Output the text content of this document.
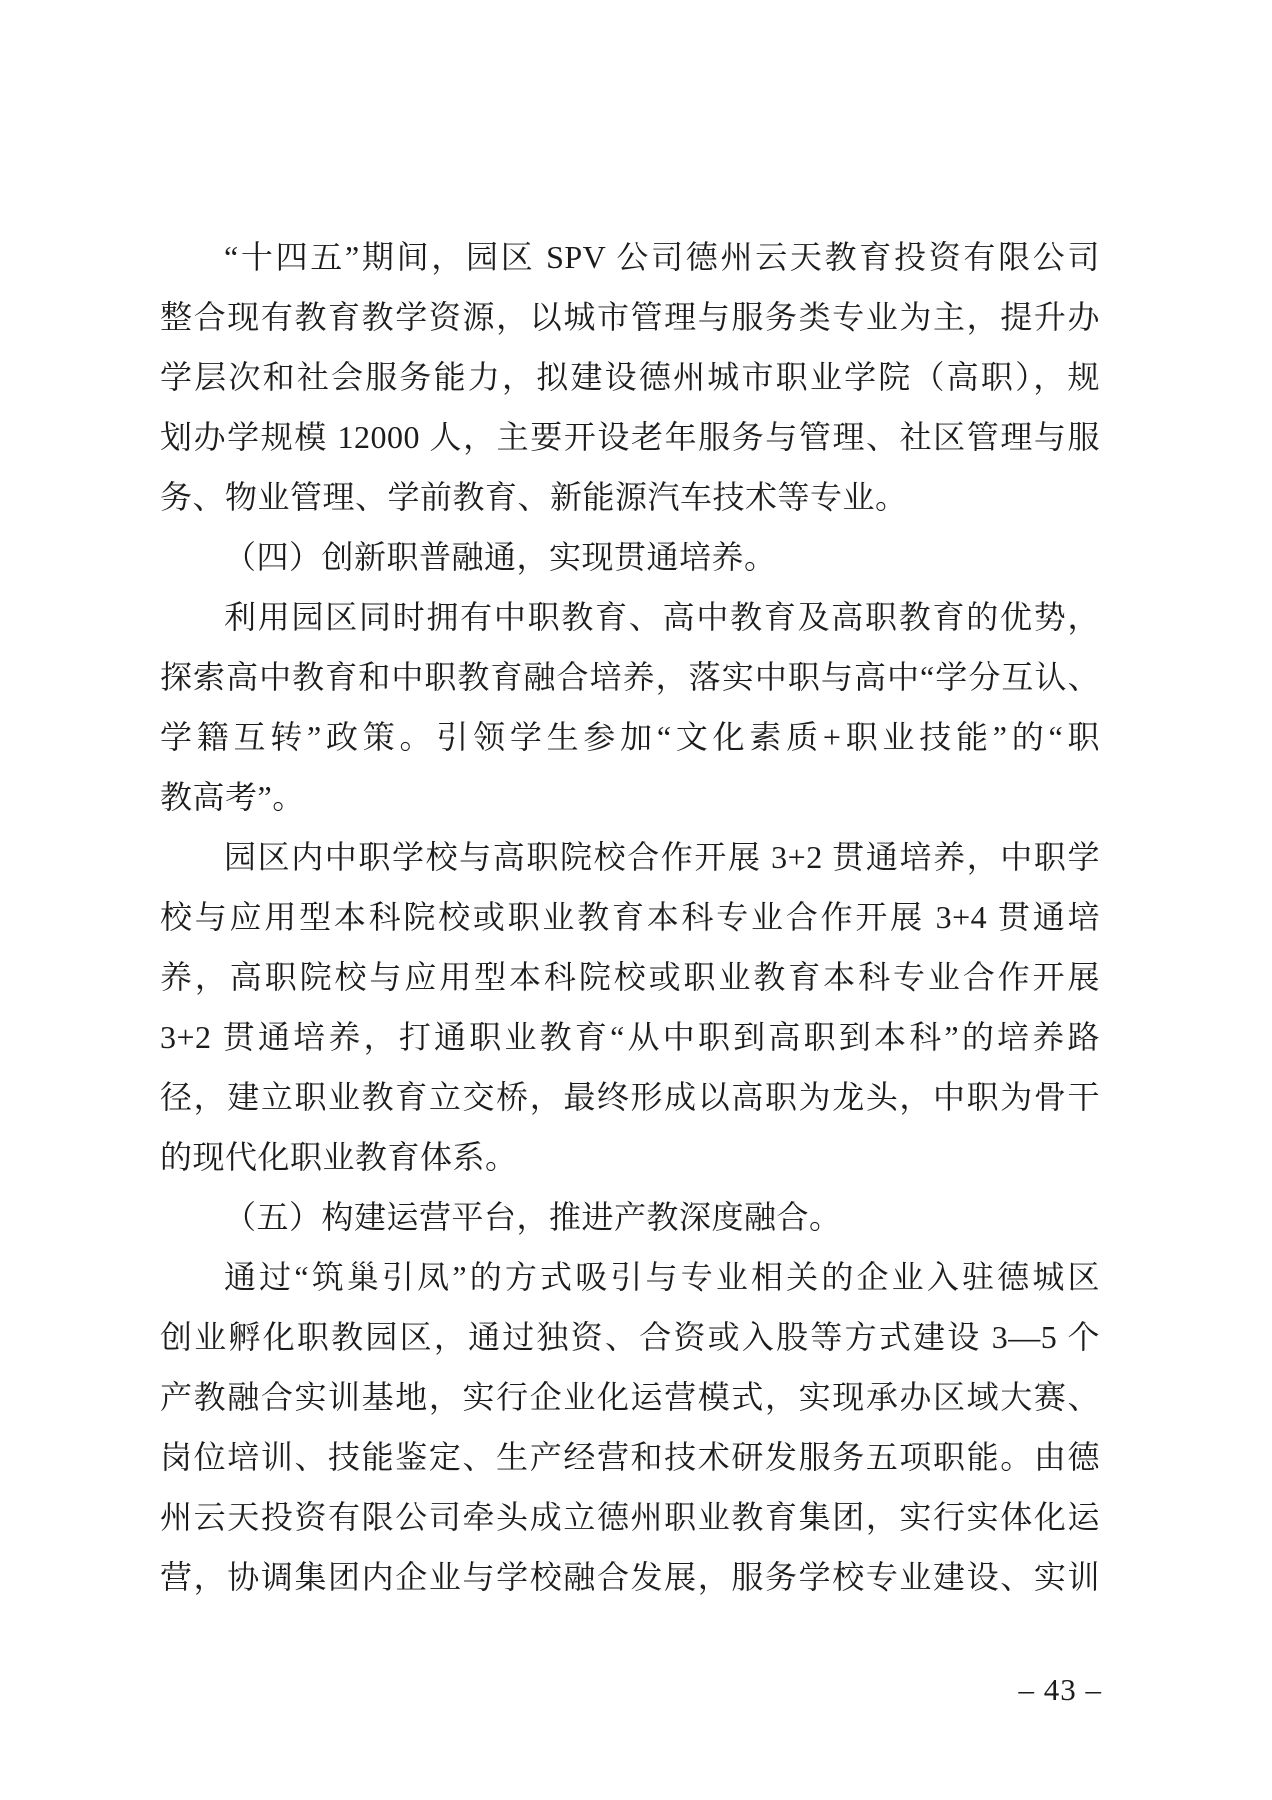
“十四五”期间，园区 SPV 公司德州云天教育投资有限公司
整合现有教育教学资源，以城市管理与服务类专业为主，提升办
学层次和社会服务能力，拟建设德州城市职业学院（高职），规
划办学规模 12000 人，主要开设老年服务与管理、社区管理与服
务、物业管理、学前教育、新能源汽车技术等专业。
（四）创新职普融通，实现贯通培养。
利用园区同时拥有中职教育、高中教育及高职教育的优势，
探索高中教育和中职教育融合培养，落实中职与高中“学分互认、
学籍互转”政策。引领学生参加“文化素质+职业技能”的“职
教高考”。
园区内中职学校与高职院校合作开展 3+2 贯通培养，中职学
校与应用型本科院校或职业教育本科专业合作开展 3+4 贯通培
养，高职院校与应用型本科院校或职业教育本科专业合作开展
3+2 贯通培养，打通职业教育“从中职到高职到本科”的培养路
径，建立职业教育立交桥，最终形成以高职为龙头，中职为骨干
的现代化职业教育体系。
（五）构建运营平台，推进产教深度融合。
通过“筑巢引凤”的方式吸引与专业相关的企业入驻德城区
创业孵化职教园区，通过独资、合资或入股等方式建设 3—5 个
产教融合实训基地，实行企业化运营模式，实现承办区域大赛、
岗位培训、技能鉴定、生产经营和技术研发服务五项职能。由德
州云天投资有限公司牵头成立德州职业教育集团，实行实体化运
营，协调集团内企业与学校融合发展，服务学校专业建设、实训
– 43 –
